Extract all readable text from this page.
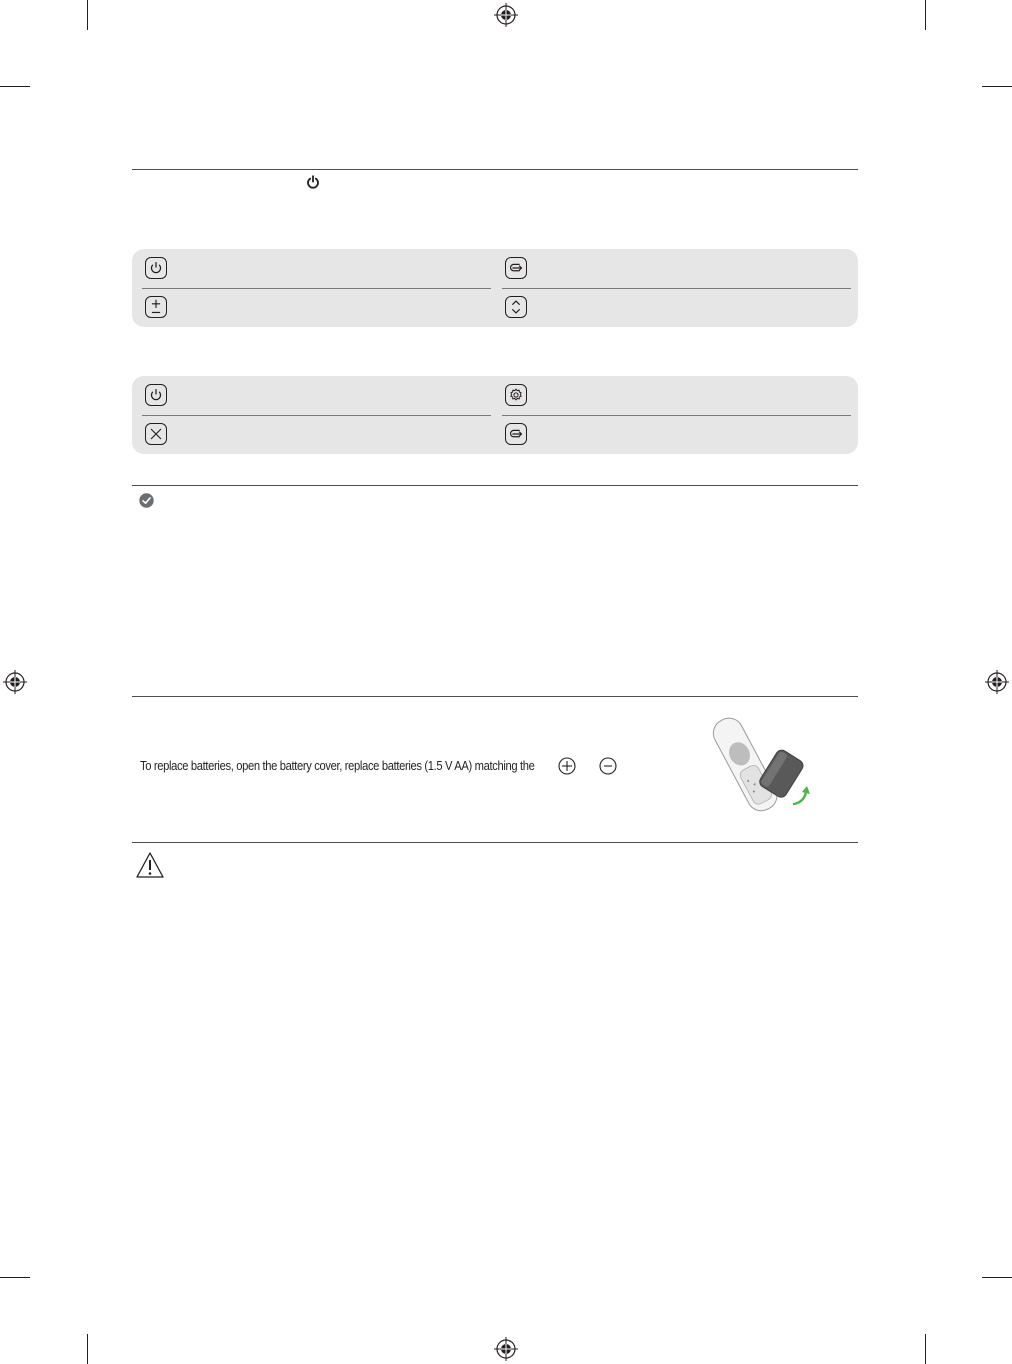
To replace batteries, open the battery cover, replace batteries (1.5 V AA) matching the
